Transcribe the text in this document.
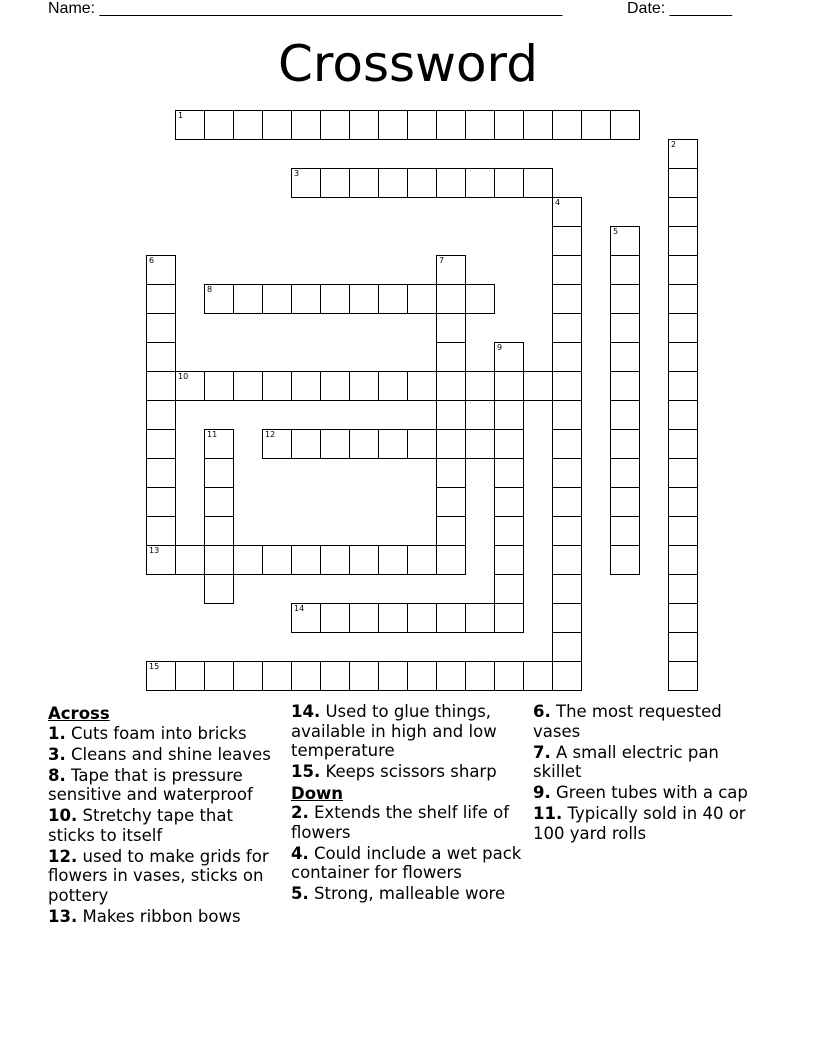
Name: ____________________________________________________	Date: _______
Crossword
1
2
3
4
5
6
13
7
8
9
10
11	12
14
15
Across
1. Cuts foam into bricks
3. Cleans and shine leaves
8. Tape that is pressure sensitive and waterproof
10. Stretchy tape that sticks to itself
12. used to make grids for flowers in vases, sticks on pottery
13. Makes ribbon bows
14. Used to glue things, available in high and low temperature
15. Keeps scissors sharp
Down
2. Extends the shelf life of flowers
4. Could include a wet pack container for flowers
5. Strong, malleable wore
6. The most requested vases
7. A small electric pan skillet
9. Green tubes with a cap
11. Typically sold in 40 or 100 yard rolls
